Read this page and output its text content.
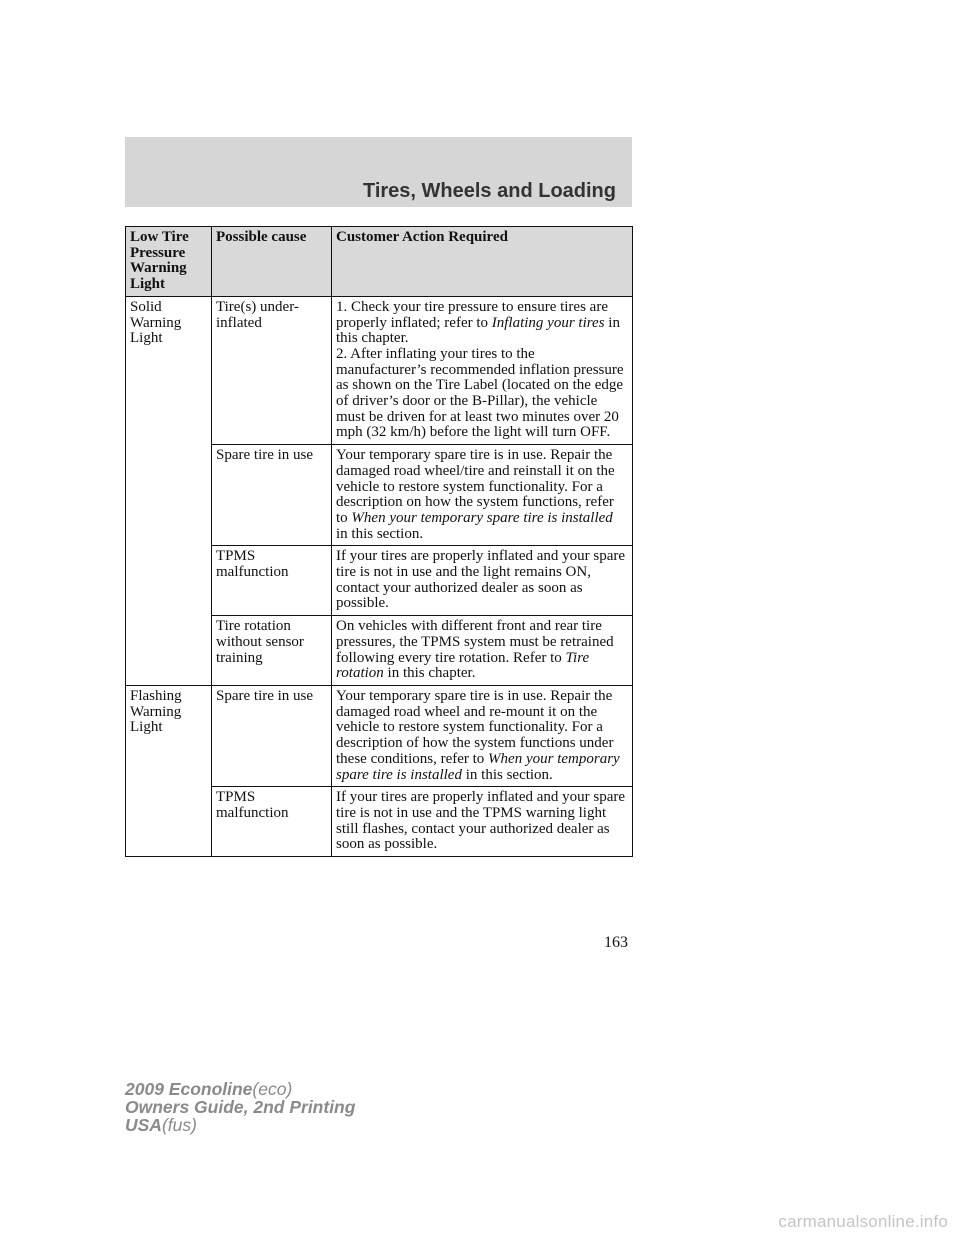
Tires, Wheels and Loading
Low Tire Pressure Warning Light	Possible cause	Customer Action Required
Solid Warning Light	Tire(s) under-inflated	1. Check your tire pressure to ensure tires are properly inflated; refer to Inflating your tires in this chapter.
2. After inflating your tires to the manufacturer’s recommended inflation pressure as shown on the Tire Label (located on the edge of driver’s door or the B-Pillar), the vehicle must be driven for at least two minutes over 20 mph (32 km/h) before the light will turn OFF.
	Spare tire in use	Your temporary spare tire is in use. Repair the damaged road wheel/tire and reinstall it on the vehicle to restore system functionality. For a description on how the system functions, refer to When your temporary spare tire is installed in this section.
	TPMS malfunction	If your tires are properly inflated and your spare tire is not in use and the light remains ON, contact your authorized dealer as soon as possible.
	Tire rotation without sensor training	On vehicles with different front and rear tire pressures, the TPMS system must be retrained following every tire rotation. Refer to Tire rotation in this chapter.
Flashing Warning Light	Spare tire in use	Your temporary spare tire is in use. Repair the damaged road wheel and re-mount it on the vehicle to restore system functionality. For a description of how the system functions under these conditions, refer to When your temporary spare tire is installed in this section.
	TPMS malfunction	If your tires are properly inflated and your spare tire is not in use and the TPMS warning light still flashes, contact your authorized dealer as soon as possible.
163
2009 Econoline(eco)
Owners Guide, 2nd Printing
USA(fus)
carmanualsonline.info
